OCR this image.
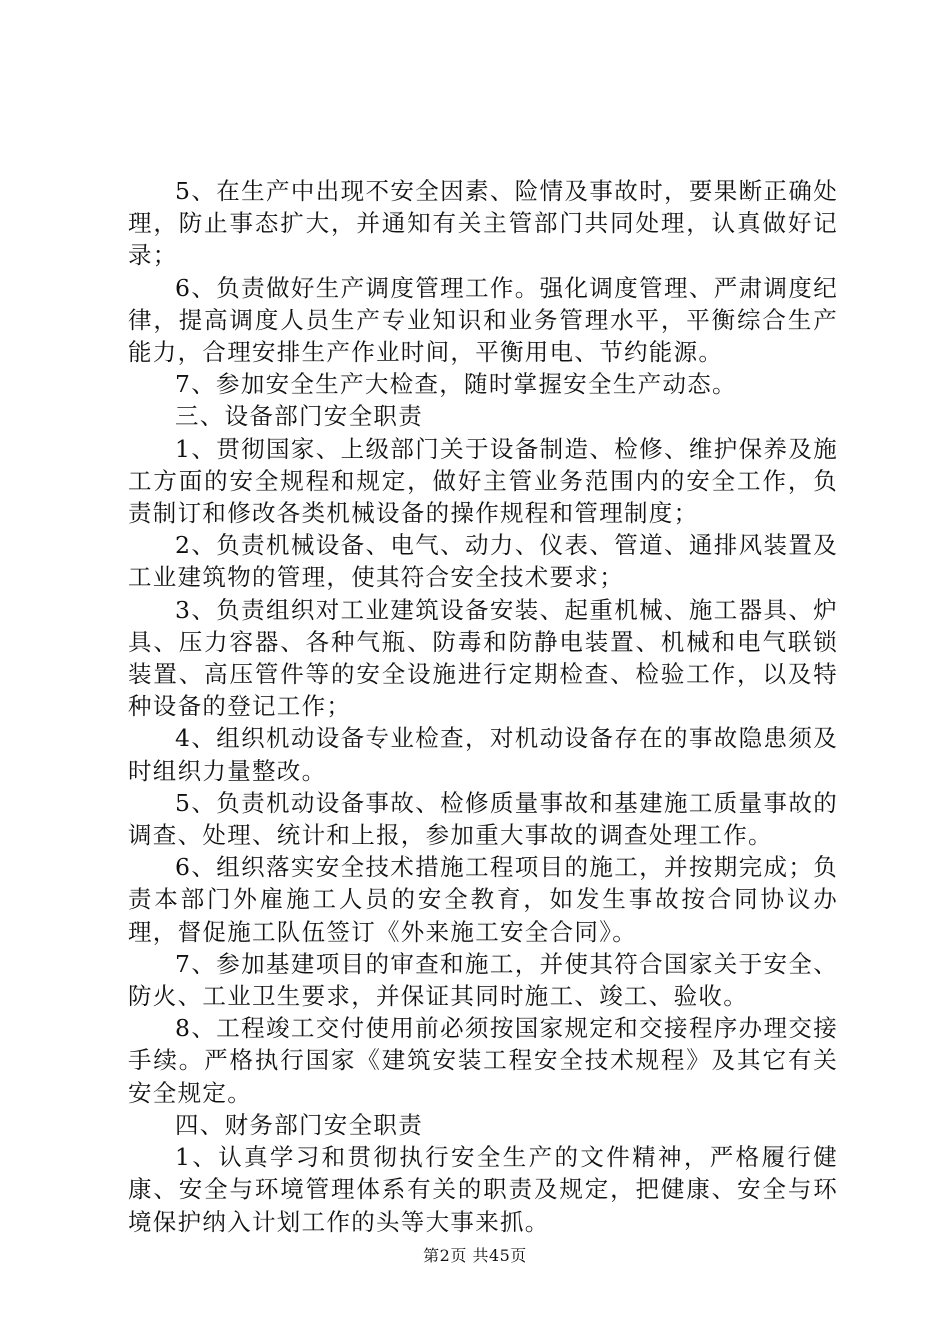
5、在生产中出现不安全因素、险情及事故时，要果断正确处理，防止事态扩大，并通知有关主管部门共同处理，认真做好记录；

6、负责做好生产调度管理工作。强化调度管理、严肃调度纪律，提高调度人员生产专业知识和业务管理水平，平衡综合生产能力，合理安排生产作业时间，平衡用电、节约能源。

7、参加安全生产大检查，随时掌握安全生产动态。

三、设备部门安全职责

1、贯彻国家、上级部门关于设备制造、检修、维护保养及施工方面的安全规程和规定，做好主管业务范围内的安全工作，负责制订和修改各类机械设备的操作规程和管理制度；

2、负责机械设备、电气、动力、仪表、管道、通排风装置及工业建筑物的管理，使其符合安全技术要求；

3、负责组织对工业建筑设备安装、起重机械、施工器具、炉具、压力容器、各种气瓶、防毒和防静电装置、机械和电气联锁装置、高压管件等的安全设施进行定期检查、检验工作，以及特种设备的登记工作；

4、组织机动设备专业检查，对机动设备存在的事故隐患须及时组织力量整改。

5、负责机动设备事故、检修质量事故和基建施工质量事故的调查、处理、统计和上报，参加重大事故的调查处理工作。

6、组织落实安全技术措施工程项目的施工，并按期完成；负责本部门外雇施工人员的安全教育，如发生事故按合同协议办理，督促施工队伍签订《外来施工安全合同》。

7、参加基建项目的审查和施工，并使其符合国家关于安全、防火、工业卫生要求，并保证其同时施工、竣工、验收。

8、工程竣工交付使用前必须按国家规定和交接程序办理交接手续。严格执行国家《建筑安装工程安全技术规程》及其它有关安全规定。

四、财务部门安全职责

1、认真学习和贯彻执行安全生产的文件精神，严格履行健康、安全与环境管理体系有关的职责及规定，把健康、安全与环境保护纳入计划工作的头等大事来抓。

第2页 共45页
